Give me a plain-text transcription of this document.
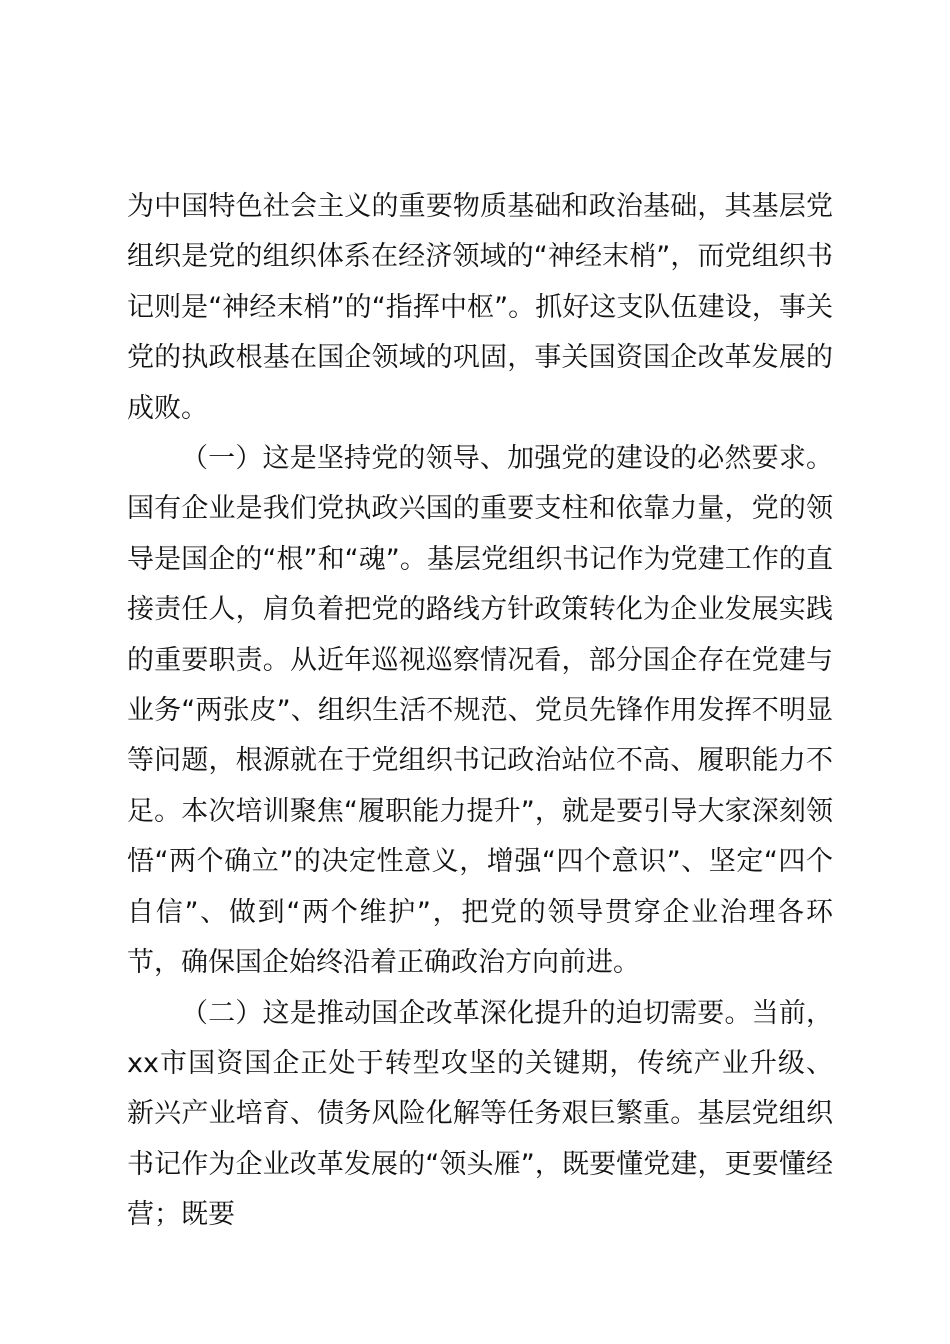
为中国特色社会主义的重要物质基础和政治基础，其基层党组织是党的组织体系在经济领域的“神经末梢”，而党组织书记则是“神经末梢”的“指挥中枢”。抓好这支队伍建设，事关党的执政根基在国企领域的巩固，事关国资国企改革发展的成败。

（一）这是坚持党的领导、加强党的建设的必然要求。国有企业是我们党执政兴国的重要支柱和依靠力量，党的领导是国企的“根”和“魂”。基层党组织书记作为党建工作的直接责任人，肩负着把党的路线方针政策转化为企业发展实践的重要职责。从近年巡视巡察情况看，部分国企存在党建与业务“两张皮”、组织生活不规范、党员先锋作用发挥不明显等问题，根源就在于党组织书记政治站位不高、履职能力不足。本次培训聚焦“履职能力提升”，就是要引导大家深刻领悟“两个确立”的决定性意义，增强“四个意识”、坚定“四个自信”、做到“两个维护”，把党的领导贯穿企业治理各环节，确保国企始终沿着正确政治方向前进。

（二）这是推动国企改革深化提升的迫切需要。当前，xx市国资国企正处于转型攻坚的关键期，传统产业升级、新兴产业培育、债务风险化解等任务艰巨繁重。基层党组织书记作为企业改革发展的“领头雁”，既要懂党建，更要懂经营；既要
